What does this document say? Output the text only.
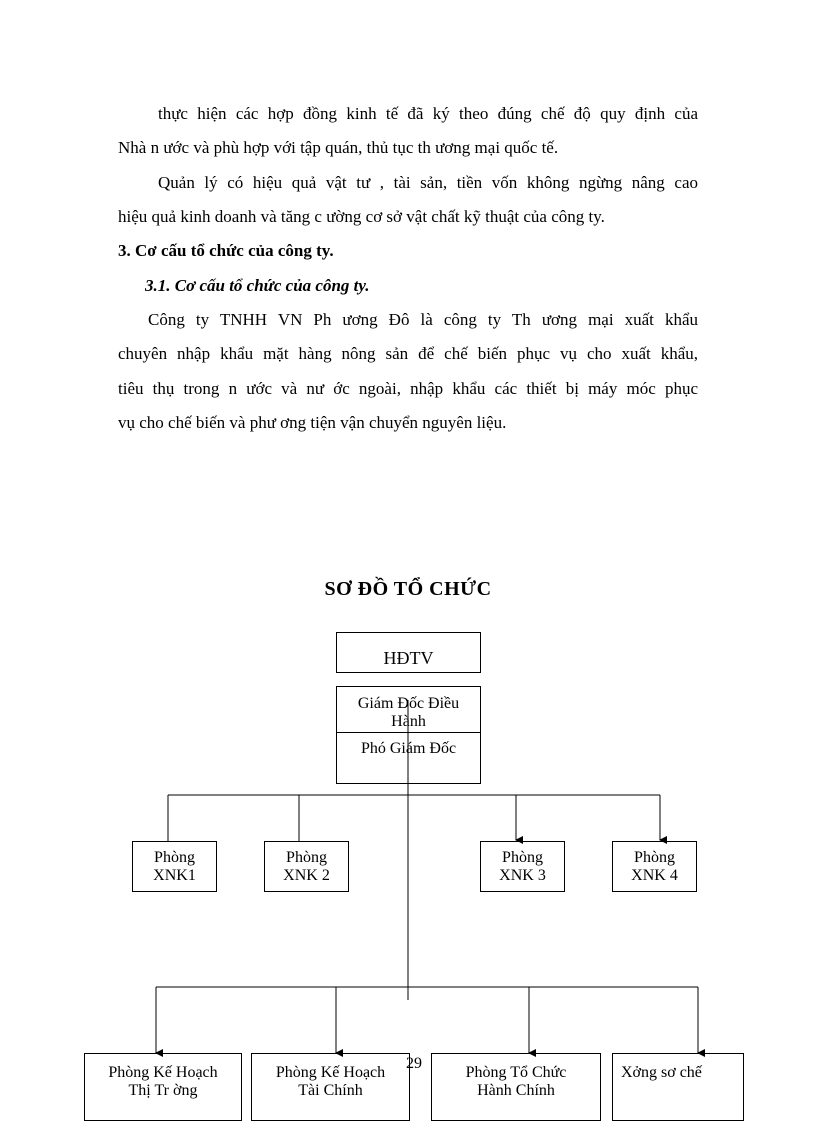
thực hiện các hợp đồng kinh tế đã ký theo đúng chế độ quy định của

Nhà n ước và phù hợp với tập quán, thủ tục th ương mại quốc tế.

Quản lý có hiệu quả vật tư , tài sản, tiền vốn không ngừng nâng cao

hiệu quả kinh doanh và tăng c ường cơ sở vật chất kỹ thuật của công ty.

3. Cơ cấu tổ chức của công ty.

3.1. Cơ cấu tổ chức của công ty.

Công ty TNHH VN Ph ương Đô là công ty Th ương mại xuất khẩu

chuyên nhập khẩu mặt hàng nông sản để chế biến phục vụ cho xuất khẩu,

tiêu thụ trong n ước và nư ớc ngoài, nhập khẩu các thiết bị máy móc phục

vụ cho chế biến và phư ơng tiện vận chuyển nguyên liệu.

SƠ ĐỒ TỔ CHỨC

HĐTV
Giám Đốc Điều
Hành
Phó Giám Đốc
Phòng
XNK1
Phòng
XNK 2
Phòng
XNK 3
Phòng
XNK 4
Phòng Kế Hoạch
Thị Tr ờng
Phòng Kế Hoạch
Tài Chính
Phòng Tổ Chức
Hành Chính
Xởng sơ chế
29
